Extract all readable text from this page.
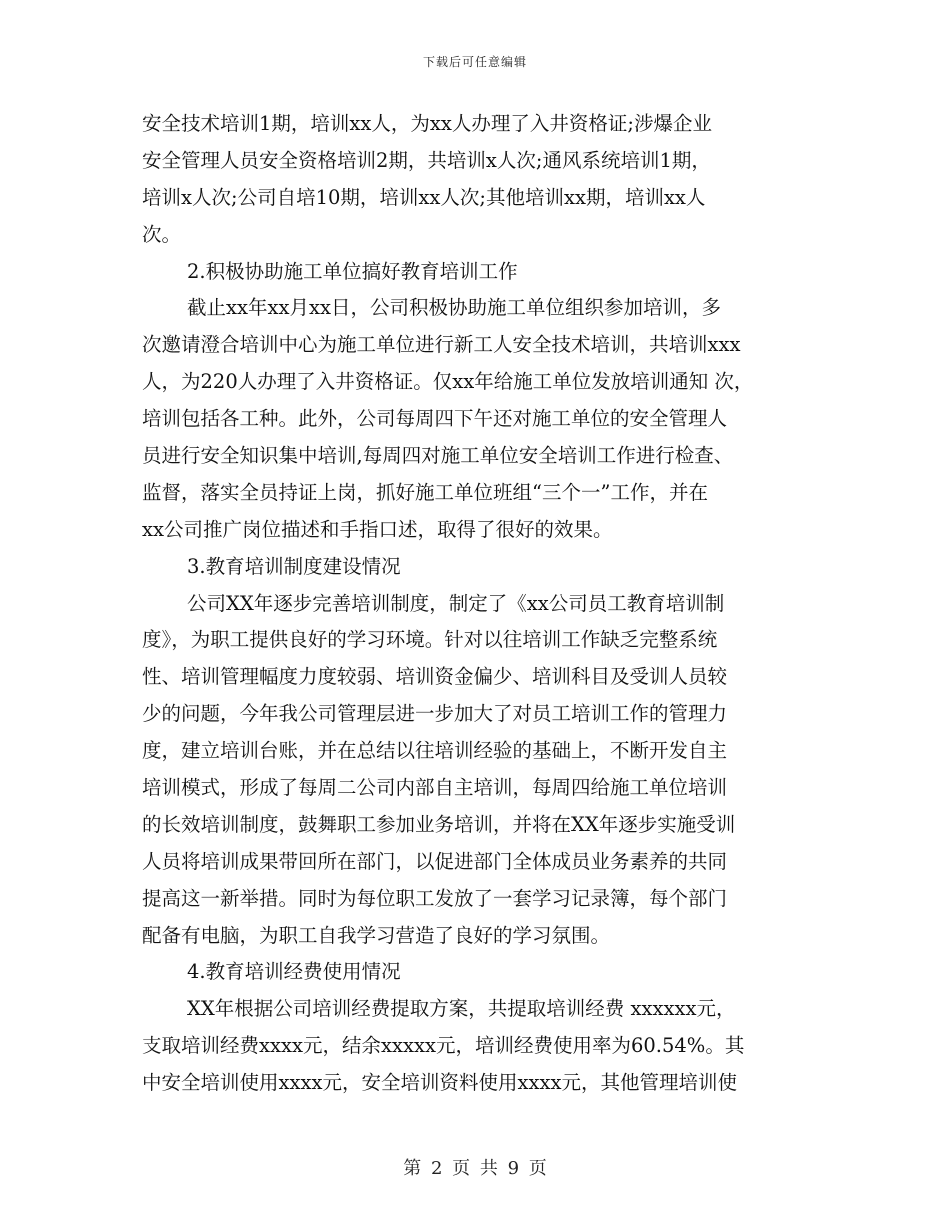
下载后可任意编辑
安全技术培训1期，培训xx人，为xx人办理了入井资格证;涉爆企业
安全管理人员安全资格培训2期，共培训x人次;通风系统培训1期，
培训x人次;公司自培10期，培训xx人次;其他培训xx期，培训xx人
次。
2.积极协助施工单位搞好教育培训工作
截止xx年xx月xx日，公司积极协助施工单位组织参加培训，多
次邀请澄合培训中心为施工单位进行新工人安全技术培训，共培训xxx
人，为220人办理了入井资格证。仅xx年给施工单位发放培训通知 次，
培训包括各工种。此外，公司每周四下午还对施工单位的安全管理人
员进行安全知识集中培训,每周四对施工单位安全培训工作进行检查、
监督，落实全员持证上岗，抓好施工单位班组“三个一”工作，并在
xx公司推广岗位描述和手指口述，取得了很好的效果。
3.教育培训制度建设情况
公司XX年逐步完善培训制度，制定了《xx公司员工教育培训制
度》，为职工提供良好的学习环境。针对以往培训工作缺乏完整系统
性、培训管理幅度力度较弱、培训资金偏少、培训科目及受训人员较
少的问题，今年我公司管理层进一步加大了对员工培训工作的管理力
度，建立培训台账，并在总结以往培训经验的基础上，不断开发自主
培训模式，形成了每周二公司内部自主培训，每周四给施工单位培训
的长效培训制度，鼓舞职工参加业务培训，并将在XX年逐步实施受训
人员将培训成果带回所在部门，以促进部门全体成员业务素养的共同
提高这一新举措。同时为每位职工发放了一套学习记录簿，每个部门
配备有电脑，为职工自我学习营造了良好的学习氛围。
4.教育培训经费使用情况
XX年根据公司培训经费提取方案，共提取培训经费 xxxxxx元，
支取培训经费xxxx元，结余xxxxx元，培训经费使用率为60.54%。其
中安全培训使用xxxx元，安全培训资料使用xxxx元，其他管理培训使
第 2 页 共 9 页
